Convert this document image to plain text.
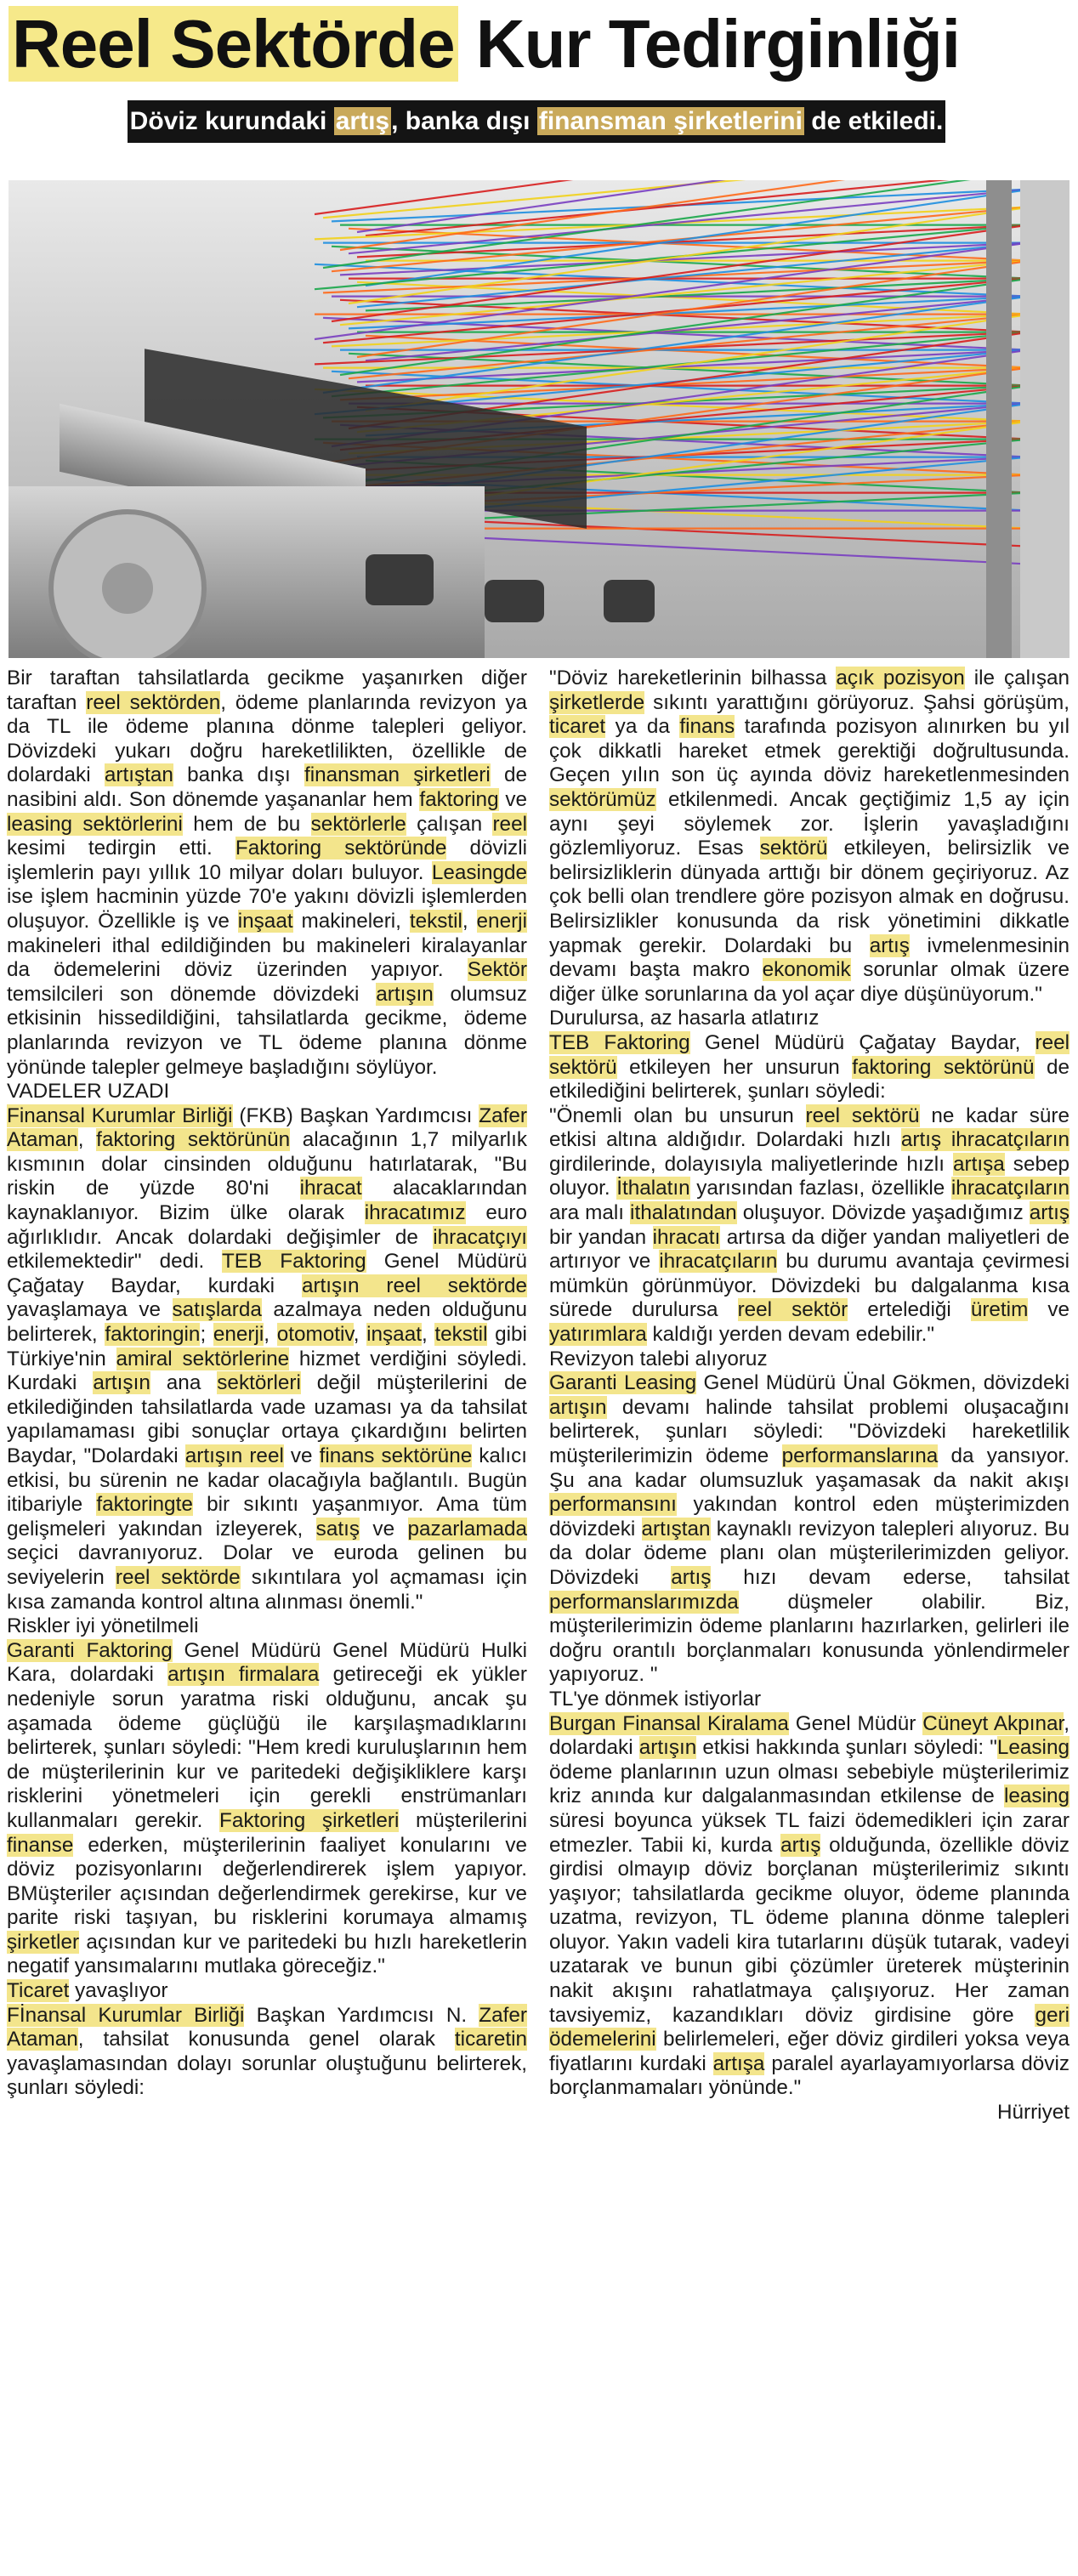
Reel Sektörde Kur Tedirginliği
Döviz kurundaki artış, banka dışı finansman şirketlerini de etkiledi.

Bir taraftan tahsilatlarda gecikme yaşanırken diğer taraftan reel sektörden, ödeme planlarında revizyon ya da TL ile ödeme planına dönme talepleri geliyor. Dövizdeki yukarı doğru hareketlilikten, özellikle de dolardaki artıştan banka dışı finansman şirketleri de nasibini aldı. Son dönemde yaşananlar hem faktoring ve leasing sektörlerini hem de bu sektörlerle çalışan reel kesimi tedirgin etti. Faktoring sektöründe dövizli işlemlerin payı yıllık 10 milyar doları buluyor. Leasingde ise işlem hacminin yüzde 70'e yakını dövizli işlemlerden oluşuyor. Özellikle iş ve inşaat makineleri, tekstil, enerji makineleri ithal edildiğinden bu makineleri kiralayanlar da ödemelerini döviz üzerinden yapıyor. Sektör temsilcileri son dönemde dövizdeki artışın olumsuz etkisinin hissedildiğini, tahsilatlarda gecikme, ödeme planlarında revizyon ve TL ödeme planına dönme yönünde talepler gelmeye başladığını söylüyor.
VADELER UZADI
Finansal Kurumlar Birliği (FKB) Başkan Yardımcısı Zafer Ataman, faktoring sektörünün alacağının 1,7 milyarlık kısmının dolar cinsinden olduğunu hatırlatarak, "Bu riskin de yüzde 80'ni ihracat alacaklarından kaynaklanıyor. Bizim ülke olarak ihracatımız euro ağırlıklıdır. Ancak dolardaki değişimler de ihracatçıyı etkilemektedir" dedi. TEB Faktoring Genel Müdürü Çağatay Baydar, kurdaki artışın reel sektörde yavaşlamaya ve satışlarda azalmaya neden olduğunu belirterek, faktoringin; enerji, otomotiv, inşaat, tekstil gibi Türkiye'nin amiral sektörlerine hizmet verdiğini söyledi. Kurdaki artışın ana sektörleri değil müşterilerini de etkilediğinden tahsilatlarda vade uzaması ya da tahsilat yapılamaması gibi sonuçlar ortaya çıkardığını belirten Baydar, "Dolardaki artışın reel ve finans sektörüne kalıcı etkisi, bu sürenin ne kadar olacağıyla bağlantılı. Bugün itibariyle faktoringte bir sıkıntı yaşanmıyor. Ama tüm gelişmeleri yakından izleyerek, satış ve pazarlamada seçici davranıyoruz. Dolar ve euroda gelinen bu seviyelerin reel sektörde sıkıntılara yol açmaması için kısa zamanda kontrol altına alınması önemli."
Riskler iyi yönetilmeli
Garanti Faktoring Genel Müdürü Genel Müdürü Hulki Kara, dolardaki artışın firmalara getireceği ek yükler nedeniyle sorun yaratma riski olduğunu, ancak şu aşamada ödeme güçlüğü ile karşılaşmadıklarını belirterek, şunları söyledi: "Hem kredi kuruluşlarının hem de müşterilerinin kur ve paritedeki değişikliklere karşı risklerini yönetmeleri için gerekli enstrümanları kullanmaları gerekir. Faktoring şirketleri müşterilerini finanse ederken, müşterilerinin faaliyet konularını ve döviz pozisyonlarını değerlendirerek işlem yapıyor. BMüşteriler açısından değerlendirmek gerekirse, kur ve parite riski taşıyan, bu risklerini korumaya almamış şirketler açısından kur ve paritedeki bu hızlı hareketlerin negatif yansımalarını mutlaka göreceğiz."
Ticaret yavaşlıyor
Fİnansal Kurumlar Birliği Başkan Yardımcısı N. Zafer Ataman, tahsilat konusunda genel olarak ticaretin yavaşlamasından dolayı sorunlar oluştuğunu belirterek, şunları söyledi:

"Döviz hareketlerinin bilhassa açık pozisyon ile çalışan şirketlerde sıkıntı yarattığını görüyoruz. Şahsi görüşüm, ticaret ya da finans tarafında pozisyon alınırken bu yıl çok dikkatli hareket etmek gerektiği doğrultusunda. Geçen yılın son üç ayında döviz hareketlenmesinden sektörümüz etkilenmedi. Ancak geçtiğimiz 1,5 ay için aynı şeyi söylemek zor. İşlerin yavaşladığını gözlemliyoruz. Esas sektörü etkileyen, belirsizlik ve belirsizliklerin dünyada arttığı bir dönem geçiriyoruz. Az çok belli olan trendlere göre pozisyon almak en doğrusu. Belirsizlikler konusunda da risk yönetimini dikkatle yapmak gerekir. Dolardaki bu artış ivmelenmesinin devamı başta makro ekonomik sorunlar olmak üzere diğer ülke sorunlarına da yol açar diye düşünüyorum."
Durulursa, az hasarla atlatırız
TEB Faktoring Genel Müdürü Çağatay Baydar, reel sektörü etkileyen her unsurun faktoring sektörünü de etkilediğini belirterek, şunları söyledi:
"Önemli olan bu unsurun reel sektörü ne kadar süre etkisi altına aldığıdır. Dolardaki hızlı artış ihracatçıların girdilerinde, dolayısıyla maliyetlerinde hızlı artışa sebep oluyor. İthalatın yarısından fazlası, özellikle ihracatçıların ara malı ithalatından oluşuyor. Dövizde yaşadığımız artış bir yandan ihracatı artırsa da diğer yandan maliyetleri de artırıyor ve ihracatçıların bu durumu avantaja çevirmesi mümkün görünmüyor. Dövizdeki bu dalgalanma kısa sürede durulursa reel sektör ertelediği üretim ve yatırımlara kaldığı yerden devam edebilir."
Revizyon talebi alıyoruz
Garanti Leasing Genel Müdürü Ünal Gökmen, dövizdeki artışın devamı halinde tahsilat problemi oluşacağını belirterek, şunları söyledi: "Dövizdeki hareketlilik müşterilerimizin ödeme performanslarına da yansıyor. Şu ana kadar olumsuzluk yaşamasak da nakit akışı performansını yakından kontrol eden müşterimizden dövizdeki artıştan kaynaklı revizyon talepleri alıyoruz. Bu da dolar ödeme planı olan müşterilerimizden geliyor. Dövizdeki artış hızı devam ederse, tahsilat performanslarımızda düşmeler olabilir. Biz, müşterilerimizin ödeme planlarını hazırlarken, gelirleri ile doğru orantılı borçlanmaları konusunda yönlendirmeler yapıyoruz. "
TL'ye dönmek istiyorlar
Burgan Finansal Kiralama Genel Müdür Cüneyt Akpınar, dolardaki artışın etkisi hakkında şunları söyledi: "Leasing ödeme planlarının uzun olması sebebiyle müşterilerimiz kriz anında kur dalgalanmasından etkilense de leasing süresi boyunca yüksek TL faizi ödemedikleri için zarar etmezler. Tabii ki, kurda artış olduğunda, özellikle döviz girdisi olmayıp döviz borçlanan müşterilerimiz sıkıntı yaşıyor; tahsilatlarda gecikme oluyor, ödeme planında uzatma, revizyon, TL ödeme planına dönme talepleri oluyor. Yakın vadeli kira tutarlarını düşük tutarak, vadeyi uzatarak ve bunun gibi çözümler üreterek müşterinin nakit akışını rahatlatmaya çalışıyoruz. Her zaman tavsiyemiz, kazandıkları döviz girdisine göre geri ödemelerini belirlemeleri, eğer döviz girdileri yoksa veya fiyatlarını kurdaki artışa paralel ayarlayamıyorlarsa döviz borçlanmamaları yönünde."

Hürriyet
